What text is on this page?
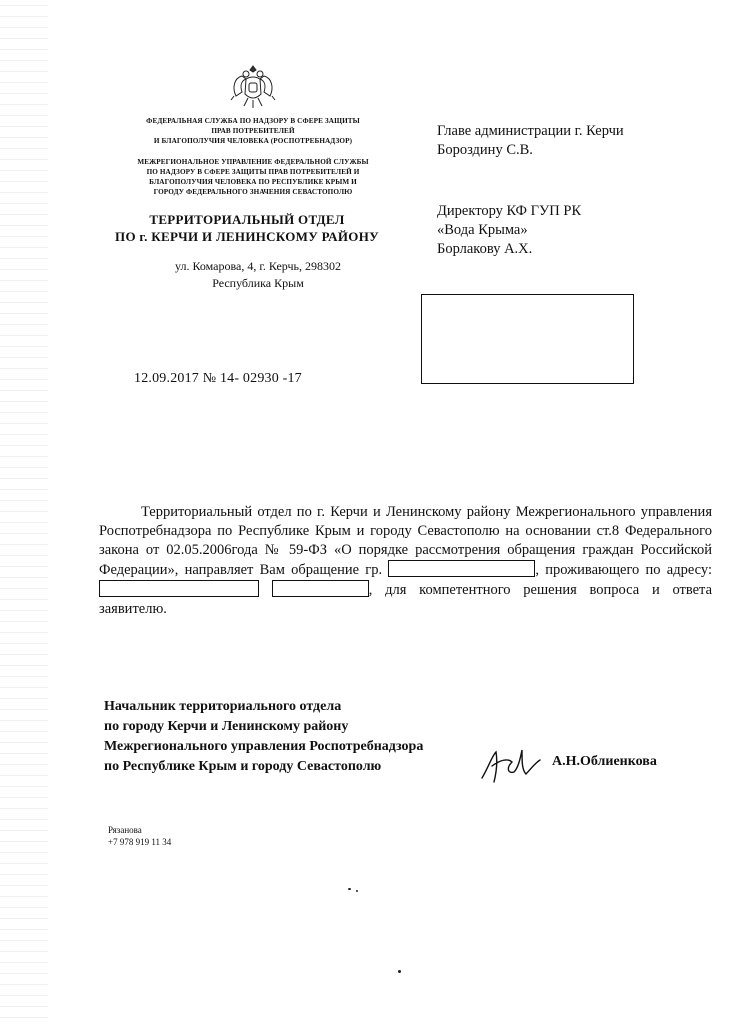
ФЕДЕРАЛЬНАЯ СЛУЖБА ПО НАДЗОРУ В СФЕРЕ ЗАЩИТЫ
ПРАВ ПОТРЕБИТЕЛЕЙ
И БЛАГОПОЛУЧИЯ ЧЕЛОВЕКА (РОСПОТРЕБНАДЗОР)
МЕЖРЕГИОНАЛЬНОЕ УПРАВЛЕНИЕ ФЕДЕРАЛЬНОЙ СЛУЖБЫ
ПО НАДЗОРУ В СФЕРЕ ЗАЩИТЫ ПРАВ ПОТРЕБИТЕЛЕЙ И
БЛАГОПОЛУЧИЯ ЧЕЛОВЕКА ПО РЕСПУБЛИКЕ КРЫМ И
ГОРОДУ ФЕДЕРАЛЬНОГО ЗНАЧЕНИЯ СЕВАСТОПОЛЮ
ТЕРРИТОРИАЛЬНЫЙ ОТДЕЛ
ПО г. КЕРЧИ И ЛЕНИНСКОМУ РАЙОНУ
ул. Комарова, 4, г. Керчь, 298302
Республика Крым
Главе администрации г. Керчи
Бороздину С.В.
Директору КФ ГУП РК
«Вода Крыма»
Борлакову А.Х.
12.09.2017 № 14- 02930 -17
Территориальный отдел по г. Керчи и Ленинскому району Межрегионального управления Роспотребнадзора по Республике Крым и городу Севастополю на основании ст.8 Федерального закона от 02.05.2006года № 59-ФЗ «О порядке рассмотрения обращения граждан Российской Федерации», направляет Вам обращение гр.	, проживающего по адресу:  , для компетентного решения вопроса и ответа заявителю.
Начальник территориального отдела
по городу Керчи и Ленинскому району
Межрегионального управления Роспотребнадзора
по Республике Крым и городу Севастополю	А.Н.Облиенкова
Рязанова
+7 978 919 11 34
